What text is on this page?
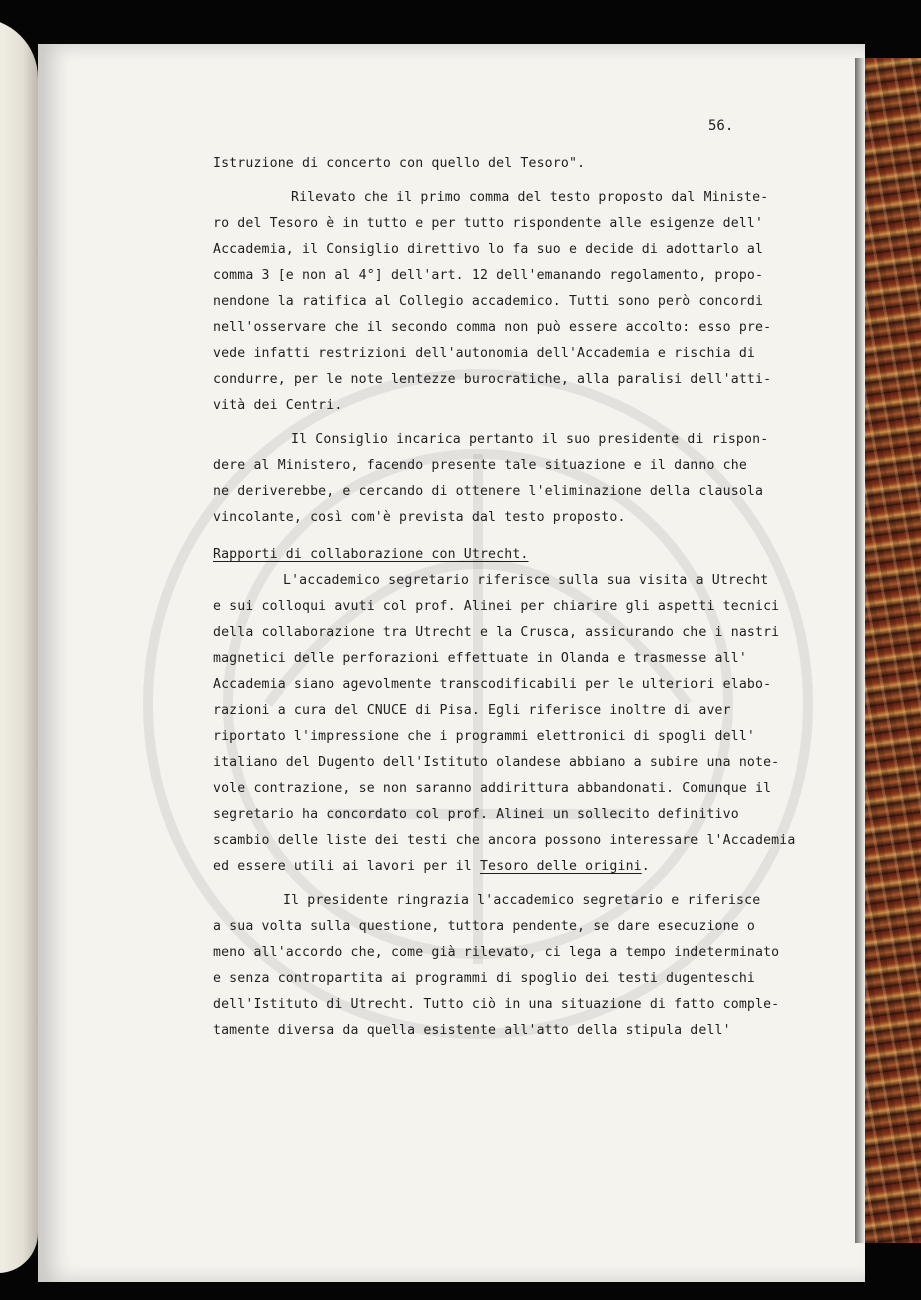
56.
Istruzione di concerto con quello del Tesoro".
Rilevato che il primo comma del testo proposto dal Ministe-
ro del Tesoro è in tutto e per tutto rispondente alle esigenze dell'
Accademia, il Consiglio direttivo lo fa suo e decide di adottarlo al
comma 3 [e non al 4°] dell'art. 12 dell'emanando regolamento, propo-
nendone la ratifica al Collegio accademico. Tutti sono però concordi
nell'osservare che il secondo comma non può essere accolto: esso pre-
vede infatti restrizioni dell'autonomia dell'Accademia e rischia di
condurre, per le note lentezze burocratiche, alla paralisi dell'atti-
vità dei Centri.
Il Consiglio incarica pertanto il suo presidente di rispon-
dere al Ministero, facendo presente tale situazione e il danno che
ne deriverebbe, e cercando di ottenere l'eliminazione della clausola
vincolante, così com'è prevista dal testo proposto.
Rapporti di collaborazione con Utrecht.
L'accademico segretario riferisce sulla sua visita a Utrecht
e sui colloqui avuti col prof. Alinei per chiarire gli aspetti tecnici
della collaborazione tra Utrecht e la Crusca, assicurando che i nastri
magnetici delle perforazioni effettuate in Olanda e trasmesse all'
Accademia siano agevolmente transcodificabili per le ulteriori elabo-
razioni a cura del CNUCE di Pisa. Egli riferisce inoltre di aver
riportato l'impressione che i programmi elettronici di spogli dell'
italiano del Dugento dell'Istituto olandese abbiano a subire una note-
vole contrazione, se non saranno addirittura abbandonati. Comunque il
segretario ha concordato col prof. Alinei un sollecito definitivo
scambio delle liste dei testi che ancora possono interessare l'Accademia
ed essere utili ai lavori per il Tesoro delle origini.
Il presidente ringrazia l'accademico segretario e riferisce
a sua volta sulla questione, tuttora pendente, se dare esecuzione o
meno all'accordo che, come già rilevato, ci lega a tempo indeterminato
e senza contropartita ai programmi di spoglio dei testi dugenteschi
dell'Istituto di Utrecht. Tutto ciò in una situazione di fatto comple-
tamente diversa da quella esistente all'atto della stipula dell'
